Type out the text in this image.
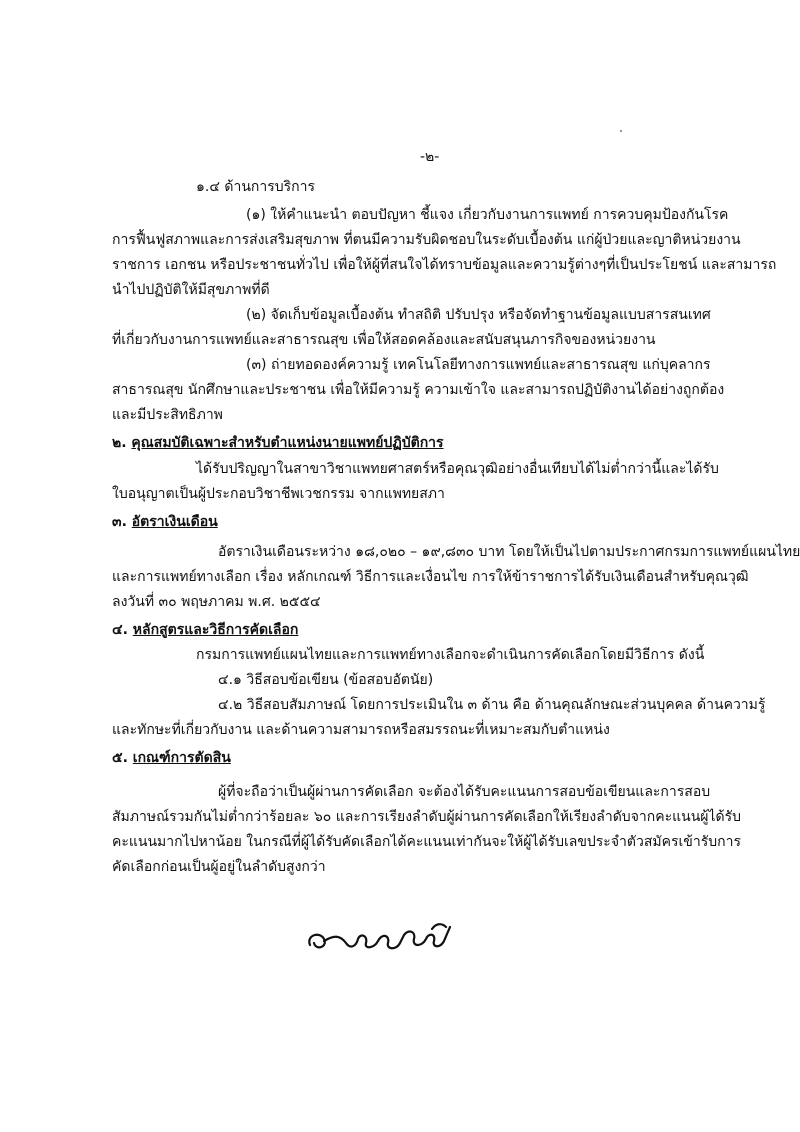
-๒-
๑.๔ ด้านการบริการ
(๑) ให้คำแนะนำ ตอบปัญหา ชี้แจง เกี่ยวกับงานการแพทย์ การควบคุมป้องกันโรค
การฟื้นฟูสภาพและการส่งเสริมสุขภาพ ที่ตนมีความรับผิดชอบในระดับเบื้องต้น แก่ผู้ป่วยและญาติหน่วยงาน
ราชการ เอกชน หรือประชาชนทั่วไป เพื่อให้ผู้ที่สนใจได้ทราบข้อมูลและความรู้ต่างๆที่เป็นประโยชน์ และสามารถ
นำไปปฏิบัติให้มีสุขภาพที่ดี
(๒) จัดเก็บข้อมูลเบื้องต้น ทำสถิติ ปรับปรุง หรือจัดทำฐานข้อมูลแบบสารสนเทศ
ที่เกี่ยวกับงานการแพทย์และสาธารณสุข เพื่อให้สอดคล้องและสนับสนุนภารกิจของหน่วยงาน
(๓) ถ่ายทอดองค์ความรู้ เทคโนโลยีทางการแพทย์และสาธารณสุข แก่บุคลากร
สาธารณสุข นักศึกษาและประชาชน เพื่อให้มีความรู้ ความเข้าใจ และสามารถปฏิบัติงานได้อย่างถูกต้อง
และมีประสิทธิภาพ
๒. คุณสมบัติเฉพาะสำหรับตำแหน่งนายแพทย์ปฏิบัติการ
ได้รับปริญญาในสาขาวิชาแพทยศาสตร์หรือคุณวุฒิอย่างอื่นเทียบได้ไม่ต่ำกว่านี้และได้รับ
ใบอนุญาตเป็นผู้ประกอบวิชาชีพเวชกรรม จากแพทยสภา
๓. อัตราเงินเดือน
อัตราเงินเดือนระหว่าง ๑๘,๐๒๐ – ๑๙,๘๓๐ บาท โดยให้เป็นไปตามประกาศกรมการแพทย์แผนไทย
และการแพทย์ทางเลือก เรื่อง หลักเกณฑ์ วิธีการและเงื่อนไข การให้ข้าราชการได้รับเงินเดือนสำหรับคุณวุฒิ
ลงวันที่ ๓๐ พฤษภาคม พ.ศ. ๒๕๕๔
๔. หลักสูตรและวิธีการคัดเลือก
กรมการแพทย์แผนไทยและการแพทย์ทางเลือกจะดำเนินการคัดเลือกโดยมีวิธีการ ดังนี้
๔.๑ วิธีสอบข้อเขียน (ข้อสอบอัตนัย)
๔.๒ วิธีสอบสัมภาษณ์ โดยการประเมินใน ๓ ด้าน คือ ด้านคุณลักษณะส่วนบุคคล ด้านความรู้
และทักษะที่เกี่ยวกับงาน และด้านความสามารถหรือสมรรถนะที่เหมาะสมกับตำแหน่ง
๕. เกณฑ์การตัดสิน
ผู้ที่จะถือว่าเป็นผู้ผ่านการคัดเลือก จะต้องได้รับคะแนนการสอบข้อเขียนและการสอบ
สัมภาษณ์รวมกันไม่ต่ำกว่าร้อยละ ๖๐ และการเรียงลำดับผู้ผ่านการคัดเลือกให้เรียงลำดับจากคะแนนผู้ได้รับ
คะแนนมากไปหาน้อย ในกรณีที่ผู้ได้รับคัดเลือกได้คะแนนเท่ากันจะให้ผู้ได้รับเลขประจำตัวสมัครเข้ารับการ
คัดเลือกก่อนเป็นผู้อยู่ในลำดับสูงกว่า
